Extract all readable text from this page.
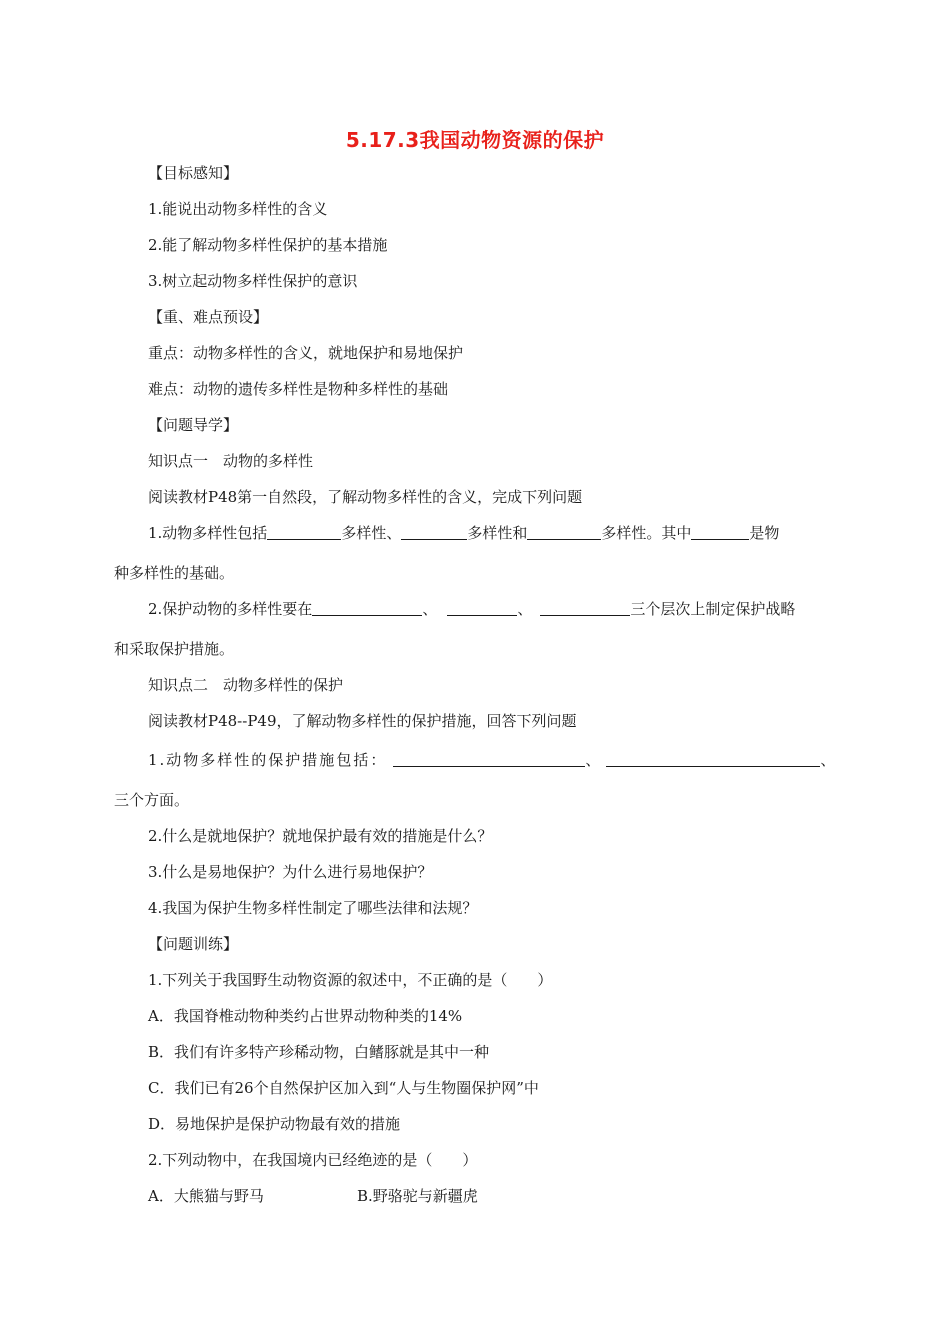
5.17.3我国动物资源的保护
【目标感知】
1.能说出动物多样性的含义
2.能了解动物多样性保护的基本措施
3.树立起动物多样性保护的意识
【重、难点预设】
重点：动物多样性的含义，就地保护和易地保护
难点：动物的遗传多样性是物种多样性的基础
【问题导学】
知识点一　动物的多样性
阅读教材P48第一自然段，了解动物多样性的含义，完成下列问题
1.动物多样性包括	多样性、	多样性和	多样性。其中	是物
种多样性的基础。
2.保护动物的多样性要在	、	、	三个层次上制定保护战略
和采取保护措施。
知识点二　动物多样性的保护
阅读教材P48--P49，了解动物多样性的保护措施，回答下列问题
1.动物多样性的保护措施包括：	、	、
三个方面。
2.什么是就地保护？就地保护最有效的措施是什么？
3.什么是易地保护？为什么进行易地保护？
4.我国为保护生物多样性制定了哪些法律和法规？
【问题训练】
1.下列关于我国野生动物资源的叙述中，不正确的是（　　）
A．我国脊椎动物种类约占世界动物种类的14%
B．我们有许多特产珍稀动物，白鳍豚就是其中一种
C．我们已有26个自然保护区加入到“人与生物圈保护网”中
D．易地保护是保护动物最有效的措施
2.下列动物中，在我国境内已经绝迹的是（　　）
A．大熊猫与野马	B.野骆驼与新疆虎
